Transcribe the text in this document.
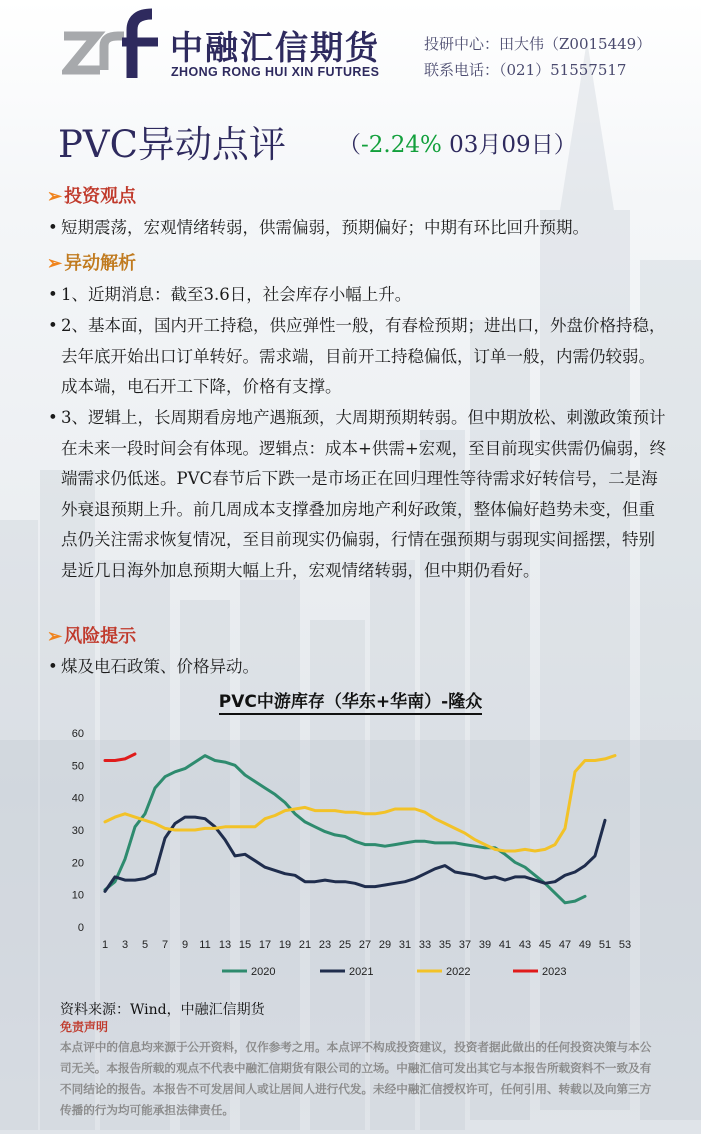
中融汇信期货
ZHONG RONG HUI XIN FUTURES
投研中心：田大伟（Z0015449）
联系电话：（021）51557517
PVC异动点评 （-2.24% 03月09日）
➢ 投资观点
• 短期震荡，宏观情绪转弱，供需偏弱，预期偏好；中期有环比回升预期。
➢ 异动解析
• 1、近期消息：截至3.6日，社会库存小幅上升。
• 2、基本面，国内开工持稳，供应弹性一般，有春检预期；进出口，外盘价格持稳，去年底开始出口订单转好。需求端，目前开工持稳偏低，订单一般，内需仍较弱。成本端，电石开工下降，价格有支撑。
• 3、逻辑上，长周期看房地产遇瓶颈，大周期预期转弱。但中期放松、刺激政策预计在未来一段时间会有体现。逻辑点：成本+供需+宏观，至目前现实供需仍偏弱，终端需求仍低迷。PVC春节后下跌一是市场正在回归理性等待需求好转信号，二是海外衰退预期上升。前几周成本支撑叠加房地产利好政策，整体偏好趋势未变，但重点仍关注需求恢复情况，至目前现实仍偏弱，行情在强预期与弱现实间摇摆，特别是近几日海外加息预期大幅上升，宏观情绪转弱，但中期仍看好。
➢ 风险提示
• 煤及电石政策、价格异动。
PVC中游库存（华东+华南）-隆众
0
10
20
30
40
50
60
1 3 5 7 9 11 13 15 17 19 21 23 25 27 29 31 33 35 37 39 41 43 45 47 49 51 53
2020	2021	2022	2023
资料来源：Wind，中融汇信期货
免责声明
本点评中的信息均来源于公开资料，仅作参考之用。本点评不构成投资建议，投资者据此做出的任何投资决策与本公司无关。本报告所载的观点不代表中融汇信期货有限公司的立场。中融汇信可发出其它与本报告所载资料不一致及有不同结论的报告。本报告不可发居间人或让居间人进行代发。未经中融汇信授权许可，任何引用、转载以及向第三方传播的行为均可能承担法律责任。
